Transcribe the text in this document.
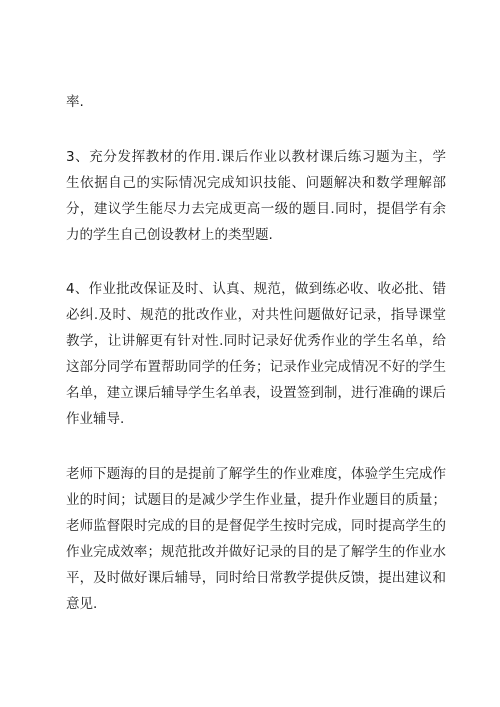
率.
3、充分发挥教材的作用.课后作业以教材课后练习题为主，学
生依据自己的实际情况完成知识技能、问题解决和数学理解部
分，建议学生能尽力去完成更高一级的题目.同时，提倡学有余
力的学生自己创设教材上的类型题.
4、作业批改保证及时、认真、规范，做到练必收、收必批、错
必纠.及时、规范的批改作业，对共性问题做好记录，指导课堂
教学，让讲解更有针对性.同时记录好优秀作业的学生名单，给
这部分同学布置帮助同学的任务；记录作业完成情况不好的学生
名单，建立课后辅导学生名单表，设置签到制，进行准确的课后
作业辅导.
老师下题海的目的是提前了解学生的作业难度，体验学生完成作
业的时间；试题目的是减少学生作业量，提升作业题目的质量；
老师监督限时完成的目的是督促学生按时完成，同时提高学生的
作业完成效率；规范批改并做好记录的目的是了解学生的作业水
平，及时做好课后辅导，同时给日常教学提供反馈，提出建议和
意见.
